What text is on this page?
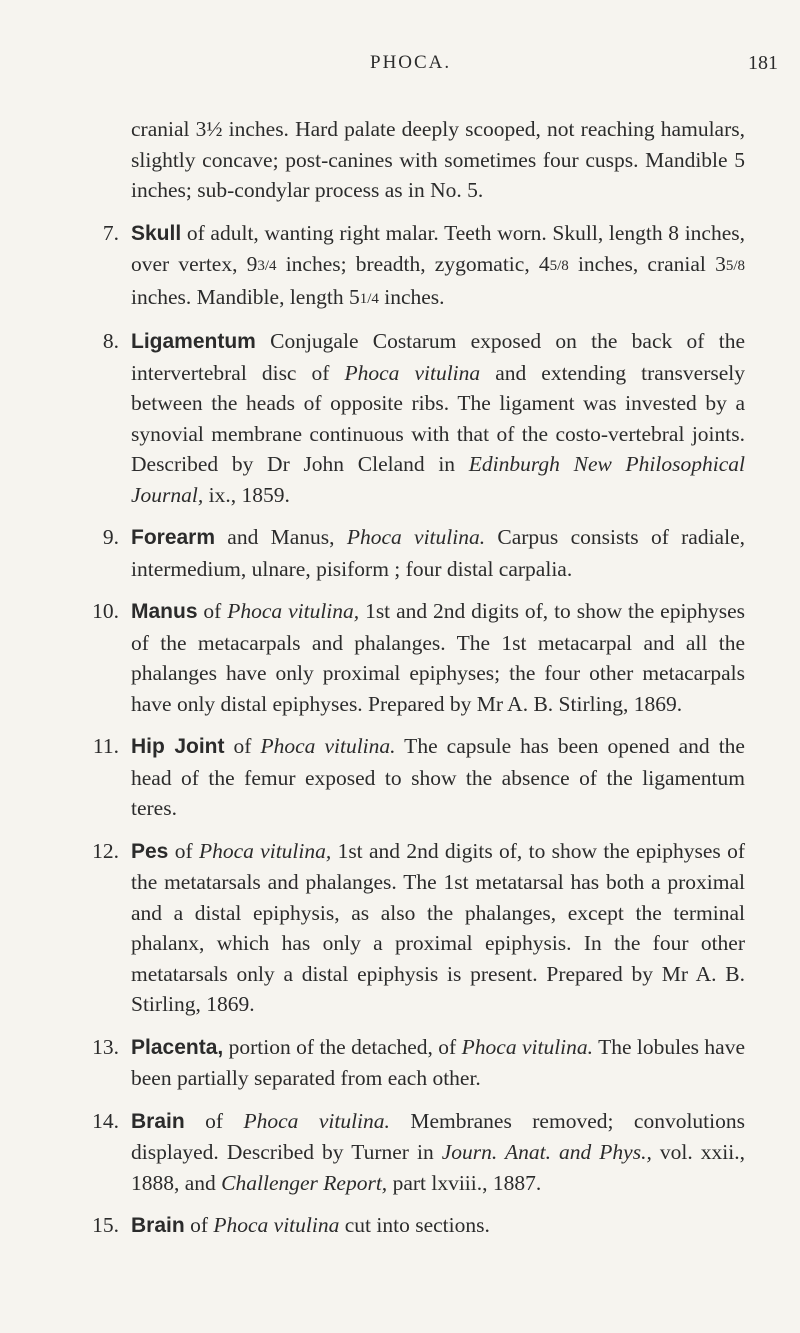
PHOCA.	181

cranial 3½ inches. Hard palate deeply scooped, not reaching hamulars, slightly concave; post-canines with sometimes four cusps. Mandible 5 inches; sub-condylar process as in No. 5.

7. Skull of adult, wanting right malar. Teeth worn. Skull, length 8 inches, over vertex, 93/4 inches; breadth, zygomatic, 45/8 inches, cranial 35/8 inches. Mandible, length 51/4 inches.

8. Ligamentum Conjugale Costarum exposed on the back of the intervertebral disc of Phoca vitulina and extending transversely between the heads of opposite ribs. The ligament was invested by a synovial membrane continuous with that of the costo-vertebral joints. Described by Dr John Cleland in Edinburgh New Philosophical Journal, ix., 1859.

9. Forearm and Manus, Phoca vitulina. Carpus consists of radiale, intermedium, ulnare, pisiform ; four distal carpalia.

10. Manus of Phoca vitulina, 1st and 2nd digits of, to show the epiphyses of the metacarpals and phalanges. The 1st metacarpal and all the phalanges have only proximal epiphyses; the four other metacarpals have only distal epiphyses. Prepared by Mr A. B. Stirling, 1869.

11. Hip Joint of Phoca vitulina. The capsule has been opened and the head of the femur exposed to show the absence of the ligamentum teres.

12. Pes of Phoca vitulina, 1st and 2nd digits of, to show the epiphyses of the metatarsals and phalanges. The 1st metatarsal has both a proximal and a distal epiphysis, as also the phalanges, except the terminal phalanx, which has only a proximal epiphysis. In the four other metatarsals only a distal epiphysis is present. Prepared by Mr A. B. Stirling, 1869.

13. Placenta, portion of the detached, of Phoca vitulina. The lobules have been partially separated from each other.

14. Brain of Phoca vitulina. Membranes removed; convolutions displayed. Described by Turner in Journ. Anat. and Phys., vol. xxii., 1888, and Challenger Report, part lxviii., 1887.

15. Brain of Phoca vitulina cut into sections.
